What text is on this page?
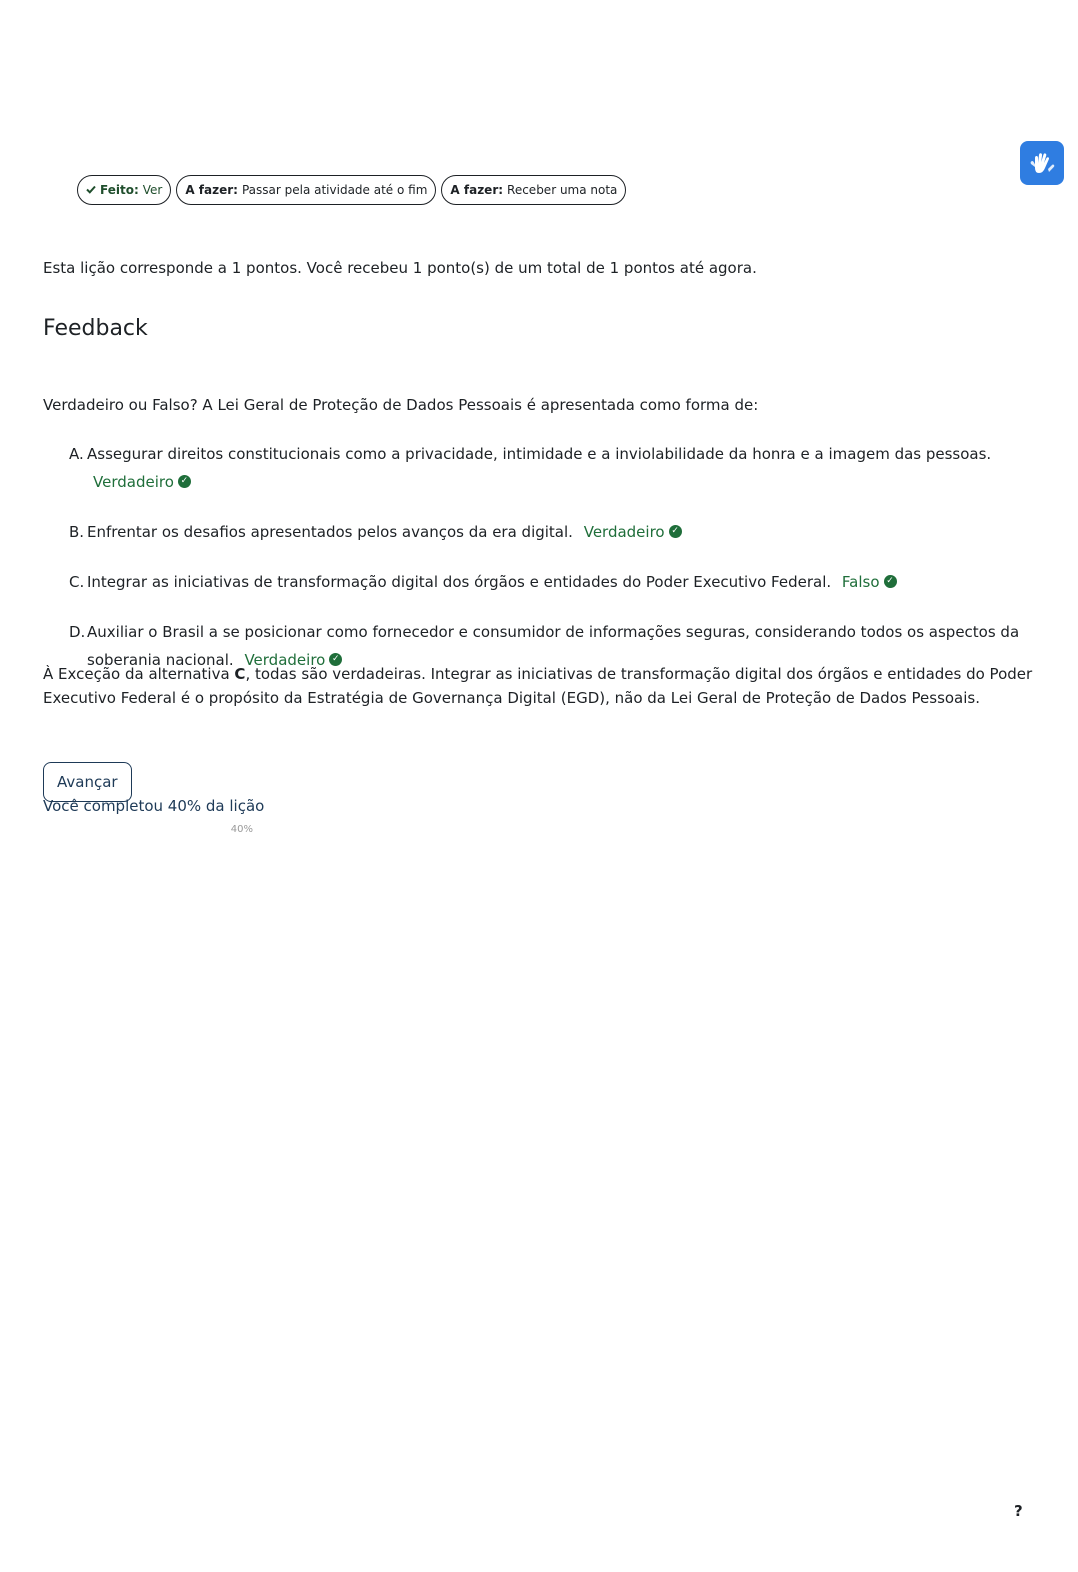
Feito: Ver A fazer: Passar pela atividade até o fim A fazer: Receber uma nota

Esta lição corresponde a 1 pontos. Você recebeu 1 ponto(s) de um total de 1 pontos até agora.

Feedback

Verdadeiro ou Falso? A Lei Geral de Proteção de Dados Pessoais é apresentada como forma de:

A. Assegurar direitos constitucionais como a privacidade, intimidade e a inviolabilidade da honra e a imagem das pessoas. Verdadeiro ✓
B. Enfrentar os desafios apresentados pelos avanços da era digital. Verdadeiro ✓
C. Integrar as iniciativas de transformação digital dos órgãos e entidades do Poder Executivo Federal. Falso ✓
D. Auxiliar o Brasil a se posicionar como fornecedor e consumidor de informações seguras, considerando todos os aspectos da soberania nacional. Verdadeiro ✓

À Exceção da alternativa C, todas são verdadeiras. Integrar as iniciativas de transformação digital dos órgãos e entidades do Poder Executivo Federal é o propósito da Estratégia de Governança Digital (EGD), não da Lei Geral de Proteção de Dados Pessoais.

Avançar

Você completou 40% da lição

40%
?
